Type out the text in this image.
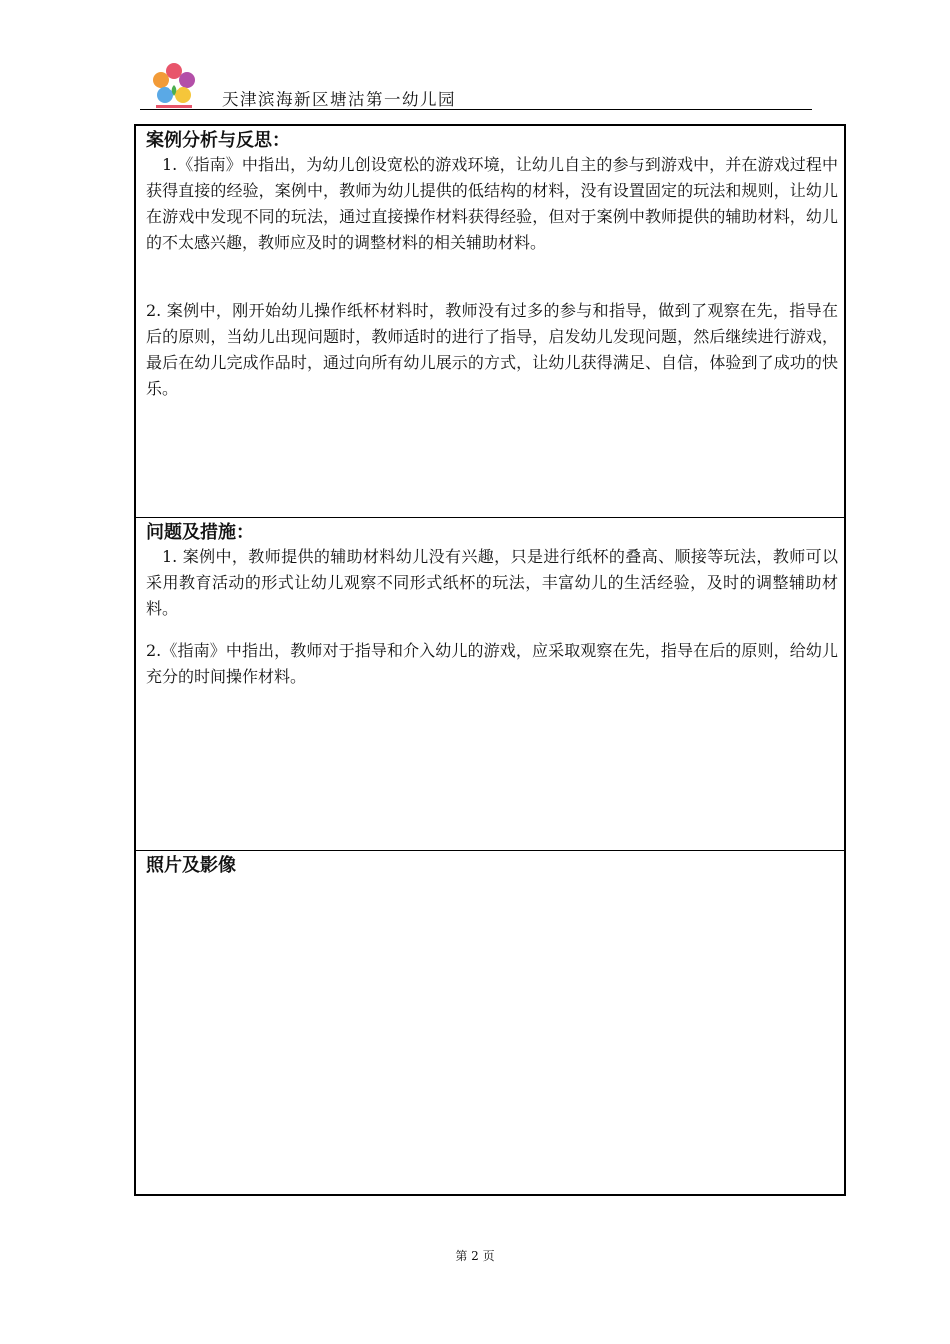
天津滨海新区塘沽第一幼儿园
案例分析与反思：
1.《指南》中指出，为幼儿创设宽松的游戏环境，让幼儿自主的参与到游戏中，并在游戏过程中获得直接的经验，案例中，教师为幼儿提供的低结构的材料，没有设置固定的玩法和规则，让幼儿在游戏中发现不同的玩法，通过直接操作材料获得经验，但对于案例中教师提供的辅助材料，幼儿的不太感兴趣，教师应及时的调整材料的相关辅助材料。
2. 案例中，刚开始幼儿操作纸杯材料时，教师没有过多的参与和指导，做到了观察在先，指导在后的原则，当幼儿出现问题时，教师适时的进行了指导，启发幼儿发现问题，然后继续进行游戏，最后在幼儿完成作品时，通过向所有幼儿展示的方式，让幼儿获得满足、自信，体验到了成功的快乐。
问题及措施：
1. 案例中，教师提供的辅助材料幼儿没有兴趣，只是进行纸杯的叠高、顺接等玩法，教师可以采用教育活动的形式让幼儿观察不同形式纸杯的玩法，丰富幼儿的生活经验，及时的调整辅助材料。
2.《指南》中指出，教师对于指导和介入幼儿的游戏，应采取观察在先，指导在后的原则，给幼儿充分的时间操作材料。
照片及影像
第 2 页
